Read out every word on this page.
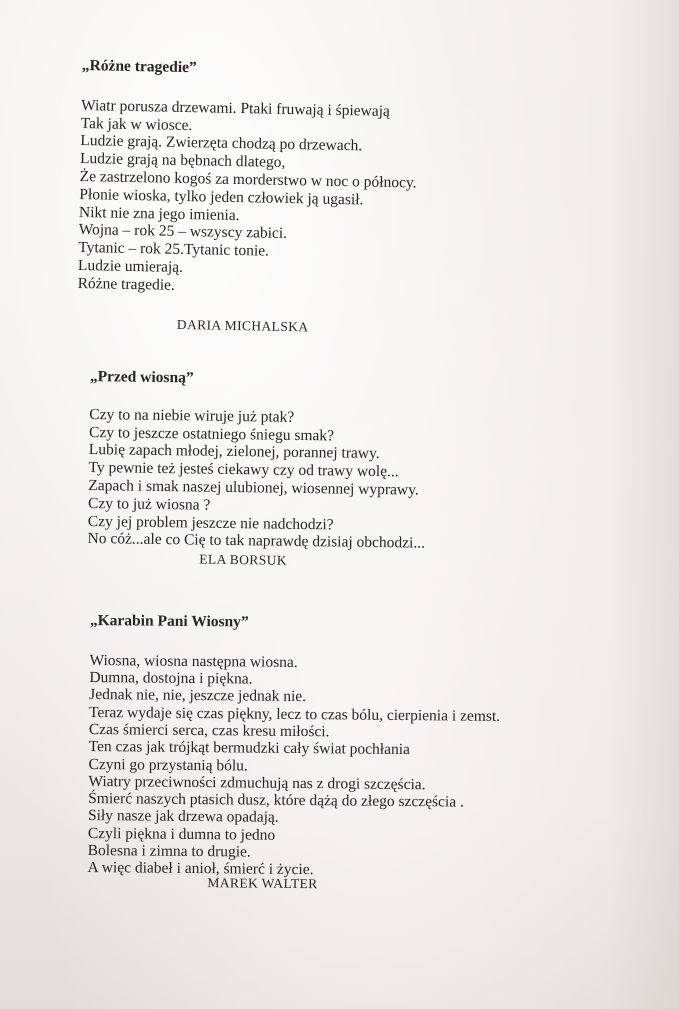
„Różne tragedie”
Wiatr porusza drzewami. Ptaki fruwają i śpiewają
Tak jak w wiosce.
Ludzie grają. Zwierzęta chodzą po drzewach.
Ludzie grają na bębnach dlatego,
Że zastrzelono kogoś za morderstwo w noc o północy.
Płonie wioska, tylko jeden człowiek ją ugasił.
Nikt nie zna jego imienia.
Wojna – rok 25 – wszyscy zabici.
Tytanic – rok 25.Tytanic tonie.
Ludzie umierają.
Różne tragedie.
DARIA MICHALSKA
„Przed wiosną”
Czy to na niebie wiruje już ptak?
Czy to jeszcze ostatniego śniegu smak?
Lubię zapach młodej, zielonej, porannej trawy.
Ty pewnie też jesteś ciekawy czy od trawy wolę...
Zapach i smak naszej ulubionej, wiosennej wyprawy.
Czy to już wiosna ?
Czy jej problem jeszcze nie nadchodzi?
No cóż...ale co Cię to tak naprawdę dzisiaj obchodzi...
ELA BORSUK
„Karabin Pani Wiosny”
Wiosna, wiosna następna wiosna.
Dumna, dostojna i piękna.
Jednak nie, nie, jeszcze jednak nie.
Teraz wydaje się czas piękny, lecz to czas bólu, cierpienia i zemst.
Czas śmierci serca, czas kresu miłości.
Ten czas jak trójkąt bermudzki cały świat pochłania
Czyni go przystanią bólu.
Wiatry przeciwności zdmuchują nas z drogi szczęścia.
Śmierć naszych ptasich dusz, które dążą do złego szczęścia .
Siły nasze jak drzewa opadają.
Czyli piękna i dumna to jedno
Bolesna i zimna to drugie.
A więc diabeł i anioł, śmierć i życie.
MAREK WALTER
